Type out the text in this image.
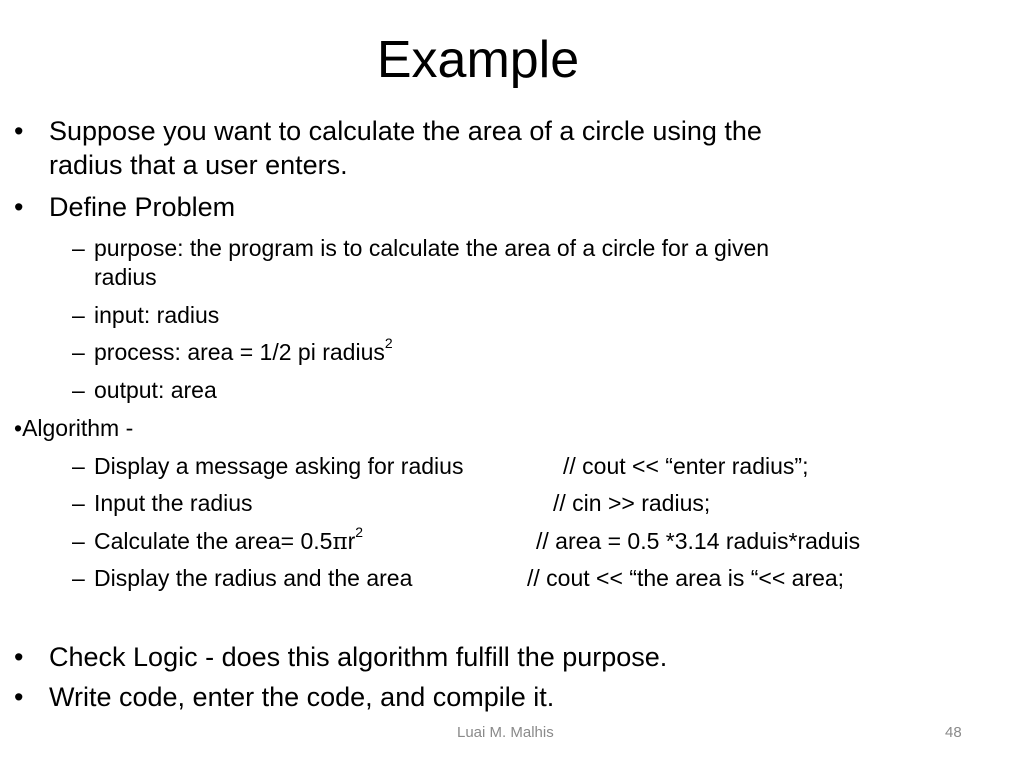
Example
• Suppose you want to calculate the area of a circle using the
radius that a user enters.
• Define Problem
– purpose: the program is to calculate the area of a circle for a given
radius
– input: radius
– process: area = 1/2 pi radius$^2$
– output: area
•Algorithm -
– Display a message asking for radius	// cout << “enter radius”;
– Input the radius	// cin >> radius;
– Calculate the area= $0.5\pi r^2$	// area = 0.5 *3.14 raduis*raduis
– Display the radius and the area	// cout << “the area is “<< area;
• Check Logic - does this algorithm fulfill the purpose.
• Write code, enter the code, and compile it.
Luai M. Malhis	48
